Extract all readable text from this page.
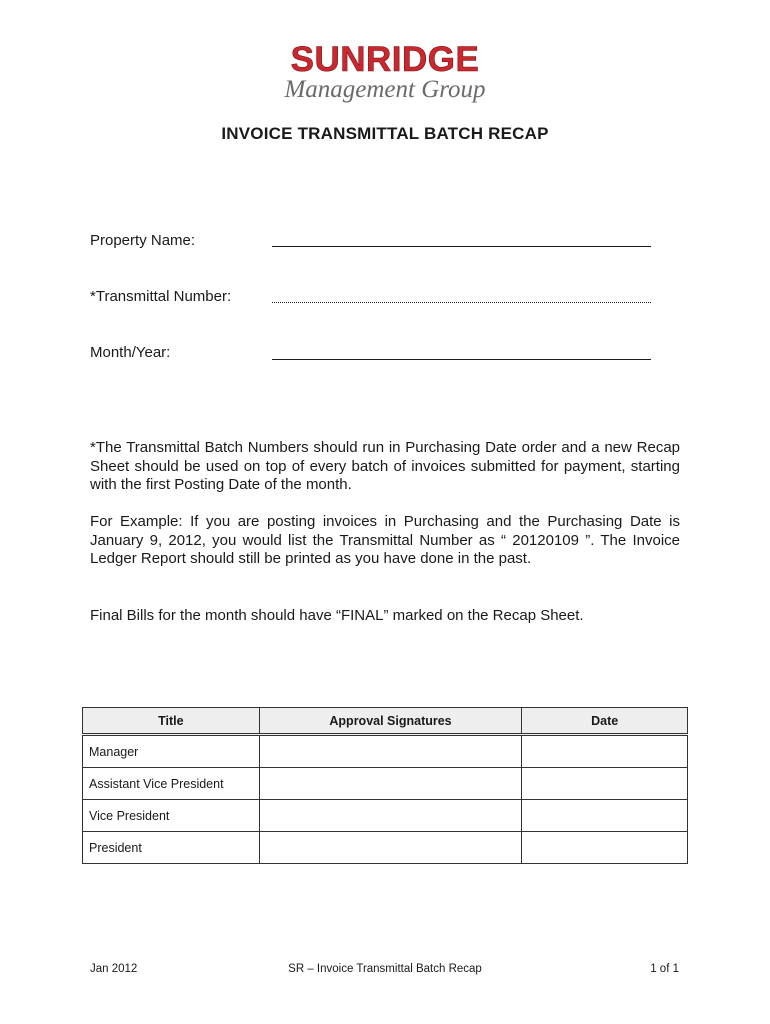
SUNRIDGE
Management Group
INVOICE TRANSMITTAL BATCH RECAP
Property Name:
*Transmittal Number:
Month/Year:
*The Transmittal Batch Numbers should run in Purchasing Date order and a new Recap Sheet should be used on top of every batch of invoices submitted for payment, starting with the first Posting Date of the month.
For Example: If you are posting invoices in Purchasing and the Purchasing Date is January 9, 2012, you would list the Transmittal Number as “ 20120109 ”. The Invoice Ledger Report should still be printed as you have done in the past.
Final Bills for the month should have “FINAL” marked on the Recap Sheet.
Title	Approval Signatures	Date
Manager		
Assistant Vice President		
Vice President		
President		
Jan 2012	SR – Invoice Transmittal Batch Recap	1 of 1
